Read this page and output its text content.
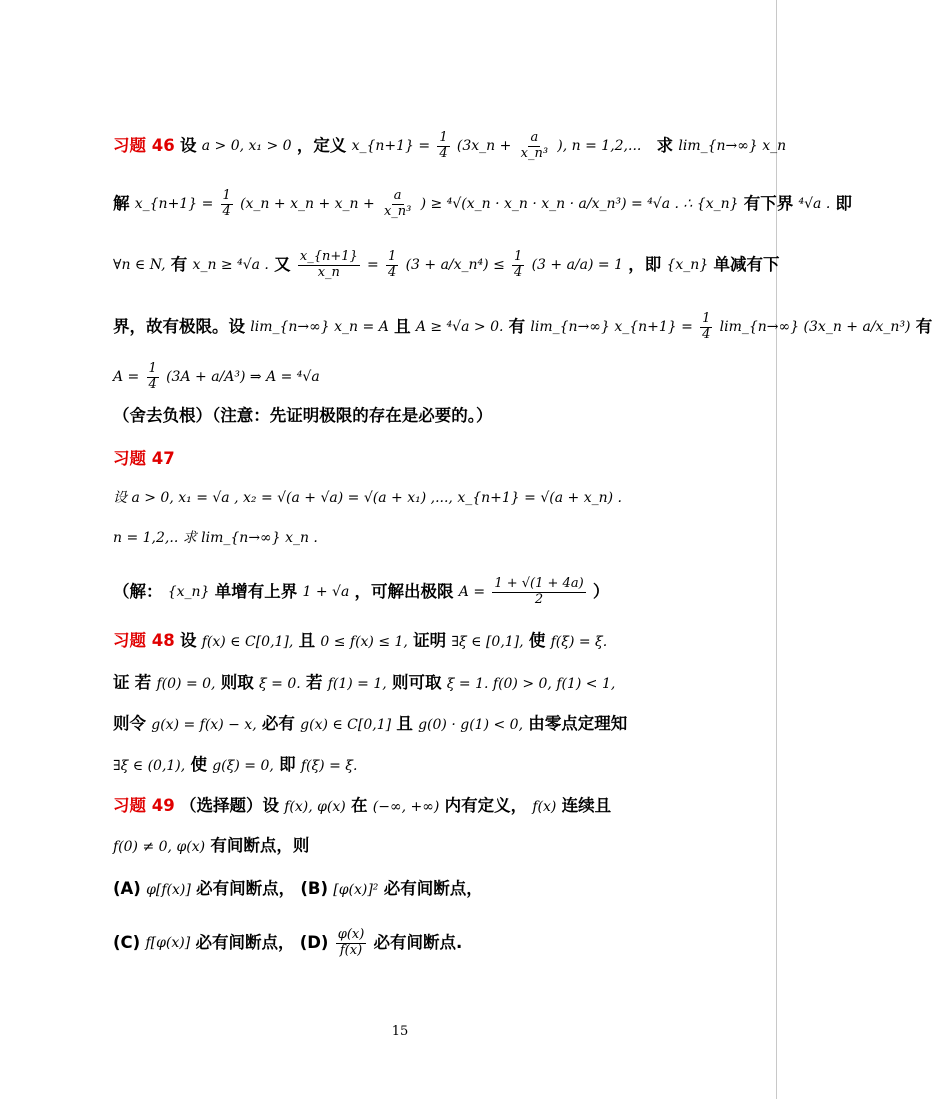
习题 46 设 a > 0, x₁ > 0 ，定义 x_{n+1} = $\frac{1}{4}$ (3x_n + $\frac{a}{\text{x\_n³}}$ ), n = 1,2,... 求 lim_{n→∞} x_n
解 x_{n+1} = $\frac{1}{4}$ (x_n + x_n + x_n + $\frac{a}{\text{x\_n³}}$ ) ≥ ⁴√(x_n · x_n · x_n · a/x_n³) = ⁴√a . ∴ {x_n} 有下界 ⁴√a . 即
∀n ∈ N, 有 x_n ≥ ⁴√a . 又 $\frac{x\_\{n+1\}}{x\_n} = \frac{1}{4} (3$ + a/x_n⁴) ≤ $\frac{1}{4} (3 + a/a) = 1$ ，即 {x_n} 单减有下
界，故有极限。设 lim_{n→∞} x_n = A 且 A ≥ ⁴√a > 0. 有 lim_{n→∞} x_{n+1} = $\frac{1}{4}$ lim_{n→∞} (3x_n + a/x_n³) 有
$A = \frac{1}{4} (3A + a/A^3)$ ⇒ A = ⁴√a
（舍去负根）（注意：先证明极限的存在是必要的。）
习题 47
设 a > 0, x₁ = √a , x₂ = √(a + √a) = √(a + x₁) ,..., x_{n+1} = √(a + x_n) .
n = 1,2,.. 求 lim_{n→∞} x_n .
（解： {x_n} 单增有上界 1 + √a ，可解出极限 $A = \frac{1 + √(1 + 4a)}{2}$ ）
习题 48 设 f(x) ∈ C[0,1], 且 0 ≤ f(x) ≤ 1, 证明 ∃ξ ∈ [0,1], 使 f(ξ) = ξ.
证 若 f(0) = 0, 则取 ξ = 0. 若 f(1) = 1, 则可取 ξ = 1. f(0) > 0, f(1) < 1,
则令 g(x) = f(x) − x, 必有 g(x) ∈ C[0,1] 且 g(0) · g(1) < 0, 由零点定理知
∃ξ ∈ (0,1), 使 g(ξ) = 0, 即 f(ξ) = ξ.
习题 49 （选择题）设 f(x), φ(x) 在 (−∞, +∞) 内有定义， f(x) 连续且
f(0) ≠ 0, φ(x) 有间断点，则
(A) φ[f(x)] 必有间断点， (B) [φ(x)]² 必有间断点，
(C) f[φ(x)] 必有间断点， $(D) \frac{\varphi(x)}{f(x)}$ 必有间断点.
15
